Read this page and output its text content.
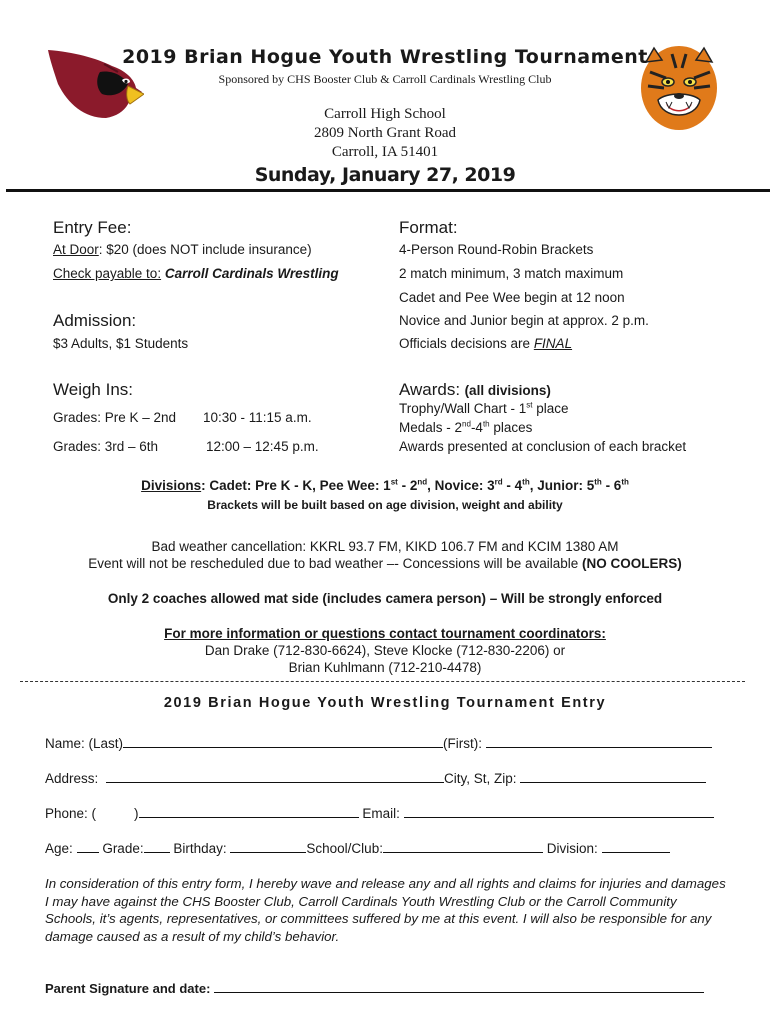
2019 Brian Hogue Youth Wrestling Tournament
Sponsored by CHS Booster Club & Carroll Cardinals Wrestling Club
Carroll High School
2809 North Grant Road
Carroll, IA 51401
Sunday, January 27, 2019
Entry Fee:
At Door: $20 (does NOT include insurance)
Check payable to: Carroll Cardinals Wrestling
Admission:
$3 Adults, $1 Students
Weigh Ins:
Grades: Pre K – 2nd 10:30 - 11:15 a.m.
Grades: 3rd – 6th	12:00 – 12:45 p.m.
Format:
4-Person Round-Robin Brackets
2 match minimum, 3 match maximum
Cadet and Pee Wee begin at 12 noon
Novice and Junior begin at approx. 2 p.m.
Officials decisions are FINAL
Awards: (all divisions)
Trophy/Wall Chart - 1st place
Medals - 2nd-4th places
Awards presented at conclusion of each bracket
Divisions: Cadet: Pre K - K, Pee Wee: 1st - 2nd, Novice: 3rd - 4th, Junior: 5th - 6th
Brackets will be built based on age division, weight and ability
Bad weather cancellation: KKRL 93.7 FM, KIKD 106.7 FM and KCIM 1380 AM
Event will not be rescheduled due to bad weather –- Concessions will be available (NO COOLERS)
Only 2 coaches allowed mat side (includes camera person) – Will be strongly enforced
For more information or questions contact tournament coordinators:
Dan Drake (712-830-6624), Steve Klocke (712-830-2206) or
Brian Kuhlmann (712-210-4478)
2019 Brian Hogue Youth Wrestling Tournament Entry
Name: (Last)	(First):
Address:	City, St, Zip:
Phone: (	)	Email:
Age: Grade: Birthday:	School/Club:	Division:
In consideration of this entry form, I hereby wave and release any and all rights and claims for injuries and damages I may have against the CHS Booster Club, Carroll Cardinals Youth Wrestling Club or the Carroll Community Schools, it’s agents, representatives, or committees suffered by me at this event. I will also be responsible for any damage caused as a result of my child’s behavior.
Parent Signature and date:
